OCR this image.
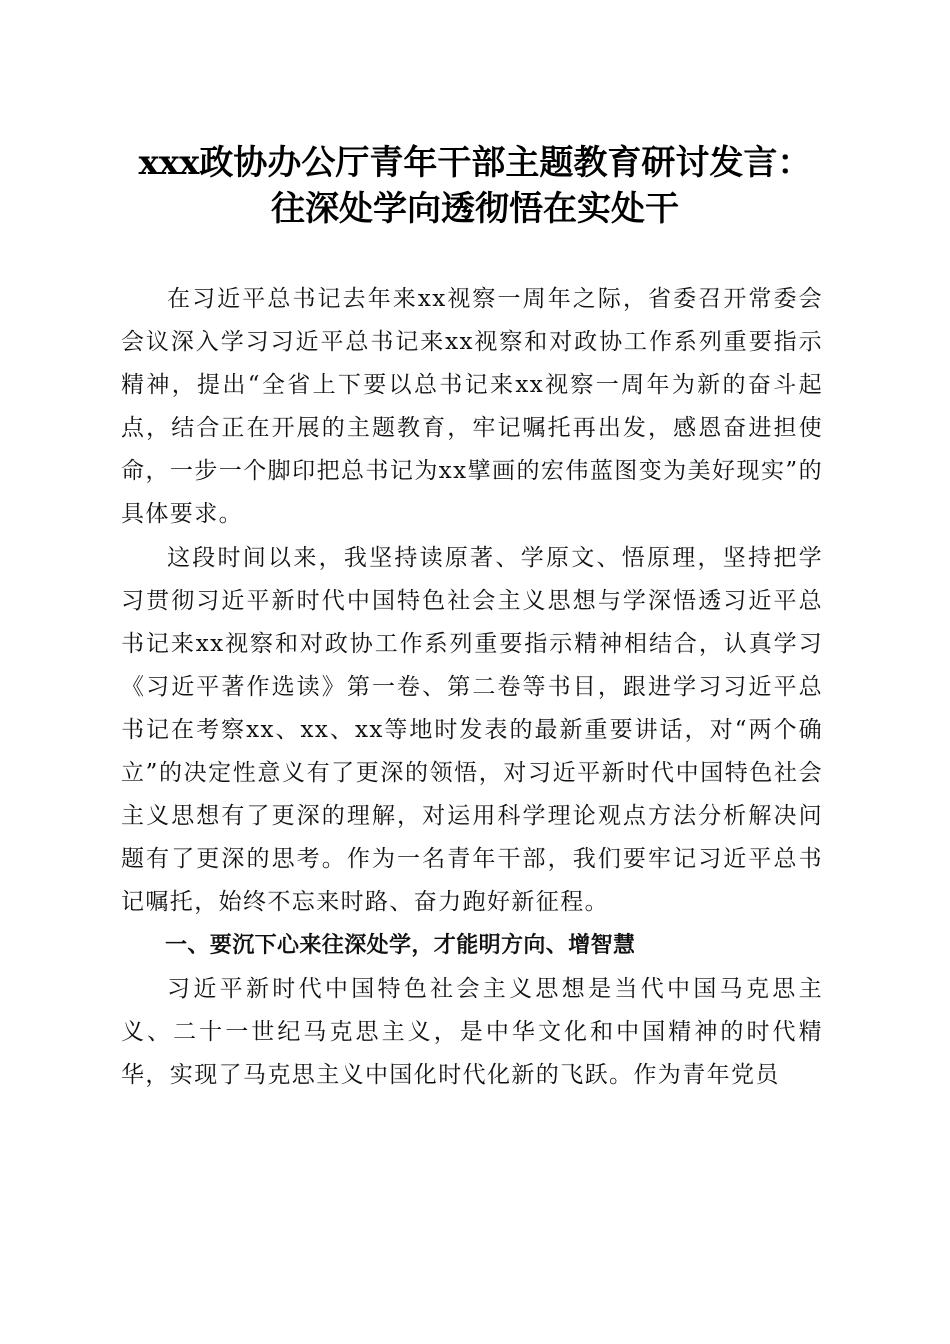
xxx政协办公厅青年干部主题教育研讨发言：
往深处学向透彻悟在实处干

在习近平总书记去年来xx视察一周年之际，省委召开常委会会议深入学习习近平总书记来xx视察和对政协工作系列重要指示精神，提出“全省上下要以总书记来xx视察一周年为新的奋斗起点，结合正在开展的主题教育，牢记嘱托再出发，感恩奋进担使命，一步一个脚印把总书记为xx擘画的宏伟蓝图变为美好现实”的具体要求。

这段时间以来，我坚持读原著、学原文、悟原理，坚持把学习贯彻习近平新时代中国特色社会主义思想与学深悟透习近平总书记来xx视察和对政协工作系列重要指示精神相结合，认真学习《习近平著作选读》第一卷、第二卷等书目，跟进学习习近平总书记在考察xx、xx、xx等地时发表的最新重要讲话，对“两个确立”的决定性意义有了更深的领悟，对习近平新时代中国特色社会主义思想有了更深的理解，对运用科学理论观点方法分析解决问题有了更深的思考。作为一名青年干部，我们要牢记习近平总书记嘱托，始终不忘来时路、奋力跑好新征程。

一、要沉下心来往深处学，才能明方向、增智慧

习近平新时代中国特色社会主义思想是当代中国马克思主义、二十一世纪马克思主义，是中华文化和中国精神的时代精华，实现了马克思主义中国化时代化新的飞跃。作为青年党员
